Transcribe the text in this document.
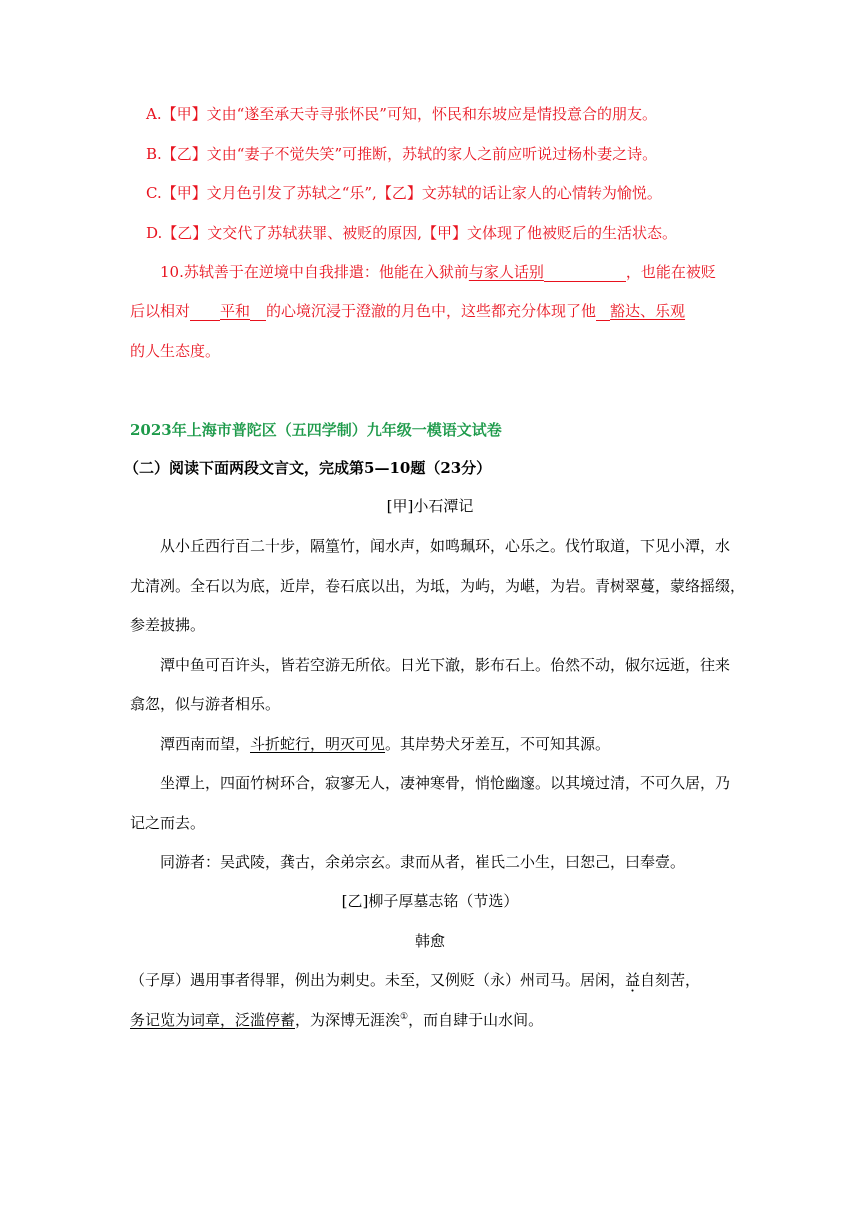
A.【甲】文由“遂至承天寺寻张怀民”可知，怀民和东坡应是情投意合的朋友。
B.【乙】文由“妻子不觉失笑”可推断，苏轼的家人之前应听说过杨朴妻之诗。
C.【甲】文月色引发了苏轼之“乐”,【乙】文苏轼的话让家人的心情转为愉悦。
D.【乙】文交代了苏轼获罪、被贬的原因,【甲】文体现了他被贬后的生活状态。
10.苏轼善于在逆境中自我排遣：他能在入狱前与家人话别	，也能在被贬
后以相对 平和 的心境沉浸于澄澈的月色中，这些都充分体现了他 豁达、乐观
的人生态度。
2023年上海市普陀区（五四学制）九年级一模语文试卷
（二）阅读下面两段文言文，完成第5—10题（23分）
[甲]小石潭记
从小丘西行百二十步，隔篁竹，闻水声，如鸣珮环，心乐之。伐竹取道，下见小潭，水
尤清冽。全石以为底，近岸，卷石底以出，为坻，为屿，为嵁，为岩。青树翠蔓，蒙络摇缀，
参差披拂。
潭中鱼可百许头，皆若空游无所依。日光下澈，影布石上。佁然不动，俶尔远逝，往来
翕忽，似与游者相乐。
潭西南而望，斗折蛇行，明灭可见。其岸势犬牙差互，不可知其源。
坐潭上，四面竹树环合，寂寥无人，凄神寒骨，悄怆幽邃。以其境过清，不可久居，乃
记之而去。
同游者：吴武陵，龚古，余弟宗玄。隶而从者，崔氏二小生，曰恕己，曰奉壹。
[乙]柳子厚墓志铭（节选）
韩愈
（子厚）遇用事者得罪，例出为刺史。未至，又例贬（永）州司马。居闲，益自刻苦，
务记览为词章，泛滥停蓄，为深博无涯涘①，而自肆于山水间。
